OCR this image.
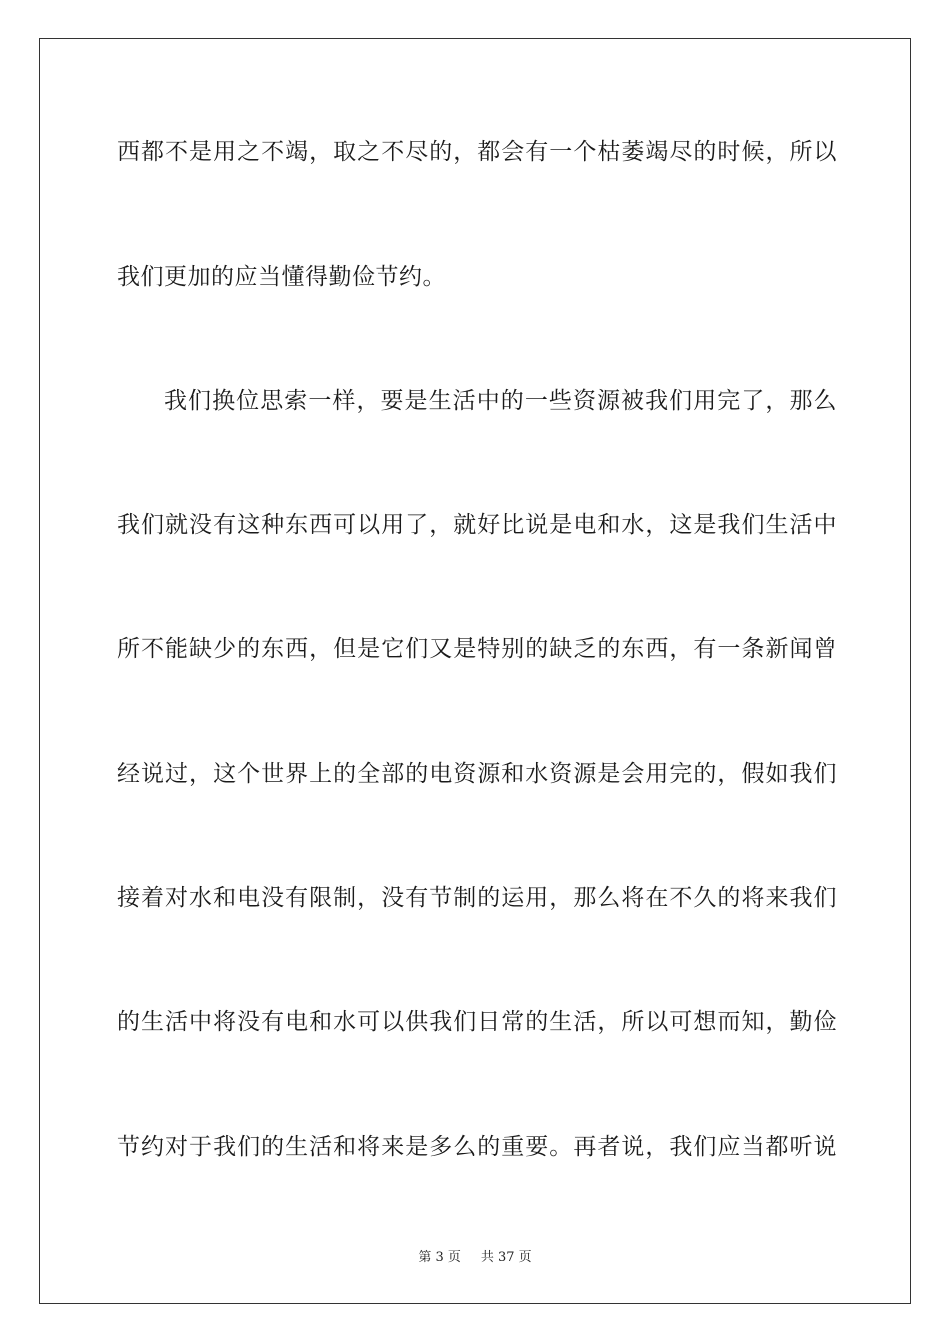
西都不是用之不竭，取之不尽的，都会有一个枯萎竭尽的时候，所以
我们更加的应当懂得勤俭节约。
我们换位思索一样，要是生活中的一些资源被我们用完了，那么
我们就没有这种东西可以用了，就好比说是电和水，这是我们生活中
所不能缺少的东西，但是它们又是特别的缺乏的东西，有一条新闻曾
经说过，这个世界上的全部的电资源和水资源是会用完的，假如我们
接着对水和电没有限制，没有节制的运用，那么将在不久的将来我们
的生活中将没有电和水可以供我们日常的生活，所以可想而知，勤俭
节约对于我们的生活和将来是多么的重要。再者说，我们应当都听说
第 3 页 共 37 页
